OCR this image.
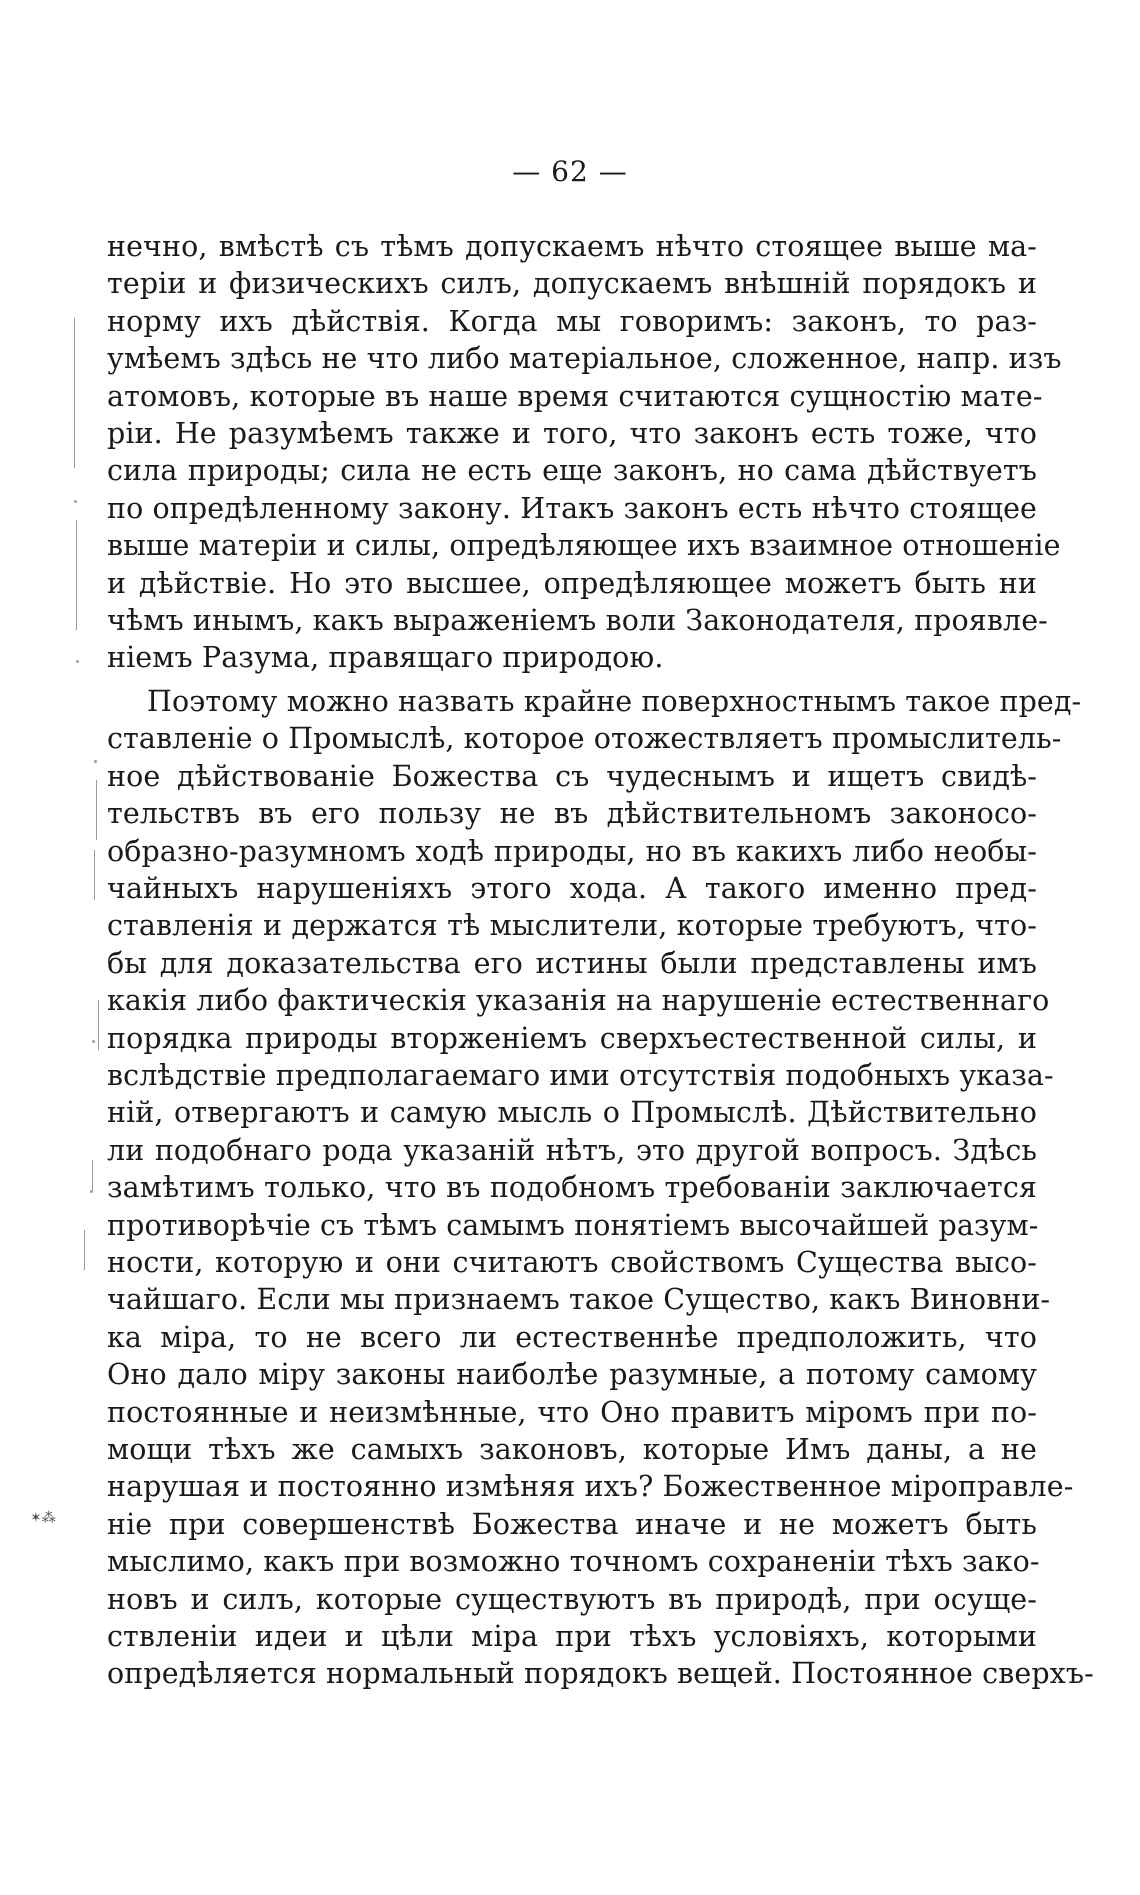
— 62 —
нечно, вмѣстѣ съ тѣмъ допускаемъ нѣчто стоящее выше ма-
теріи и физическихъ силъ, допускаемъ внѣшній порядокъ и
норму ихъ дѣйствія. Когда мы говоримъ: законъ, то раз-
умѣемъ здѣсь не что либо матеріальное, сложенное, напр. изъ
атомовъ, которые въ наше время считаются сущностію мате-
ріи. Не разумѣемъ также и того, что законъ есть тоже, что
сила природы; сила не есть еще законъ, но сама дѣйствуетъ
по опредѣленному закону. Итакъ законъ есть нѣчто стоящее
выше матеріи и силы, опредѣляющее ихъ взаимное отношеніе
и дѣйствіе. Но это высшее, опредѣляющее можетъ быть ни
чѣмъ инымъ, какъ выраженіемъ воли Законодателя, проявле-
ніемъ Разума, правящаго природою.
Поэтому можно назвать крайне поверхностнымъ такое пред-
ставленіе о Промыслѣ, которое отожествляетъ промыслитель-
ное дѣйствованіе Божества съ чудеснымъ и ищетъ свидѣ-
тельствъ въ его пользу не въ дѣйствительномъ законосо-
образно-разумномъ ходѣ природы, но въ какихъ либо необы-
чайныхъ нарушеніяхъ этого хода. А такого именно пред-
ставленія и держатся тѣ мыслители, которые требуютъ, что-
бы для доказательства его истины были представлены имъ
какія либо фактическія указанія на нарушеніе естественнаго
порядка природы вторженіемъ сверхъестественной силы, и
вслѣдствіе предполагаемаго ими отсутствія подобныхъ указа-
ній, отвергаютъ и самую мысль о Промыслѣ. Дѣйствительно
ли подобнаго рода указаній нѣтъ, это другой вопросъ. Здѣсь
замѣтимъ только, что въ подобномъ требованіи заключается
противорѣчіе съ тѣмъ самымъ понятіемъ высочайшей разум-
ности, которую и они считаютъ свойствомъ Существа высо-
чайшаго. Если мы признаемъ такое Существо, какъ Виновни-
ка міра, то не всего ли естественнѣе предположить, что
Оно дало міру законы наиболѣе разумные, а потому самому
постоянные и неизмѣнные, что Оно правитъ міромъ при по-
мощи тѣхъ же самыхъ законовъ, которые Имъ даны, а не
нарушая и постоянно измѣняя ихъ? Божественное міроправле-
ніе при совершенствѣ Божества иначе и не можетъ быть
мыслимо, какъ при возможно точномъ сохраненіи тѣхъ зако-
новъ и силъ, которые существуютъ въ природѣ, при осуще-
ствленіи идеи и цѣли міра при тѣхъ условіяхъ, которыми
опредѣляется нормальный порядокъ вещей. Постоянное сверхъ-
✶⁂
